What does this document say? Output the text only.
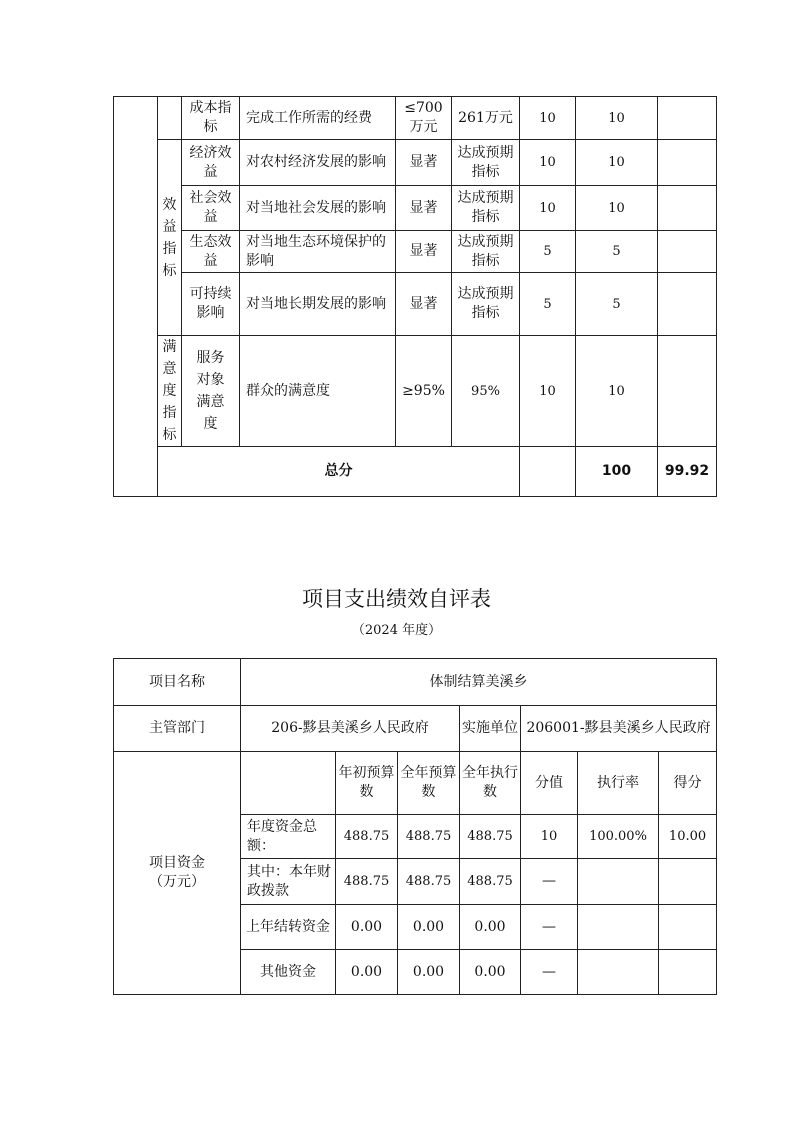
		成本指标	完成工作所需的经费	≤700万元	261万元	10	10		
	效益指标	经济效益	对农村经济发展的影响	显著	达成预期指标	10	10		
		社会效益	对当地社会发展的影响	显著	达成预期指标	10	10		
		生态效益	对当地生态环境保护的影响	显著	达成预期指标	5	5		
		可持续影响	对当地长期发展的影响	显著	达成预期指标	5	5		
	满意度指标	服务对象满意度	群众的满意度	≥95%	95%	10	10		
	总分						100	99.92	
项目支出绩效自评表
（2024 年度）
项目名称	体制结算美溪乡						
主管部门	206-黟县美溪乡人民政府			实施单位	206001-黟县美溪乡人民政府		
项目资金（万元）		年初预算数	全年预算数	全年执行数	分值	执行率	得分
	年度资金总额：	488.75	488.75	488.75	10	100.00%	10.00
	其中：本年财政拨款	488.75	488.75	488.75	—		
	上年结转资金	0.00	0.00	0.00	—		
	其他资金	0.00	0.00	0.00	—		
